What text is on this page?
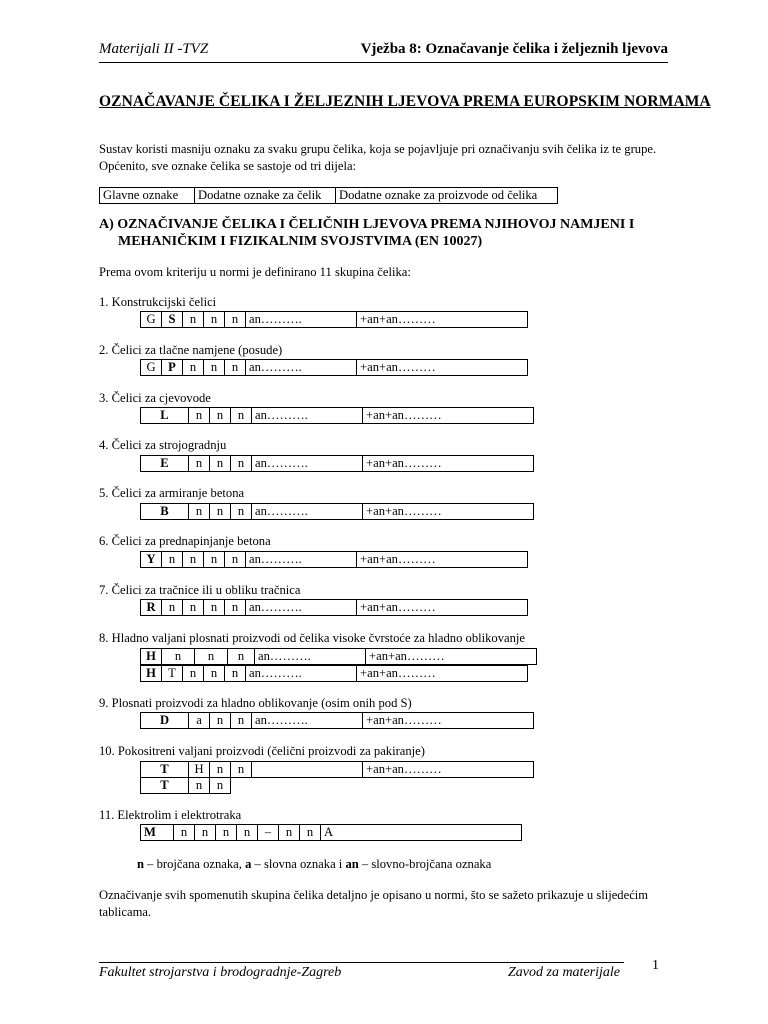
Materijali II -TVZ	Vježba 8: Označavanje čelika i željeznih ljevova
OZNAČAVANJE ČELIKA I ŽELJEZNIH LJEVOVA PREMA EUROPSKIM NORMAMA
Sustav koristi masniju oznaku za svaku grupu čelika, koja se pojavljuje pri označivanju svih čelika iz te grupe. Općenito, sve oznake čelika se sastoje od tri dijela:
Glavne oznake	Dodatne oznake za čelik	Dodatne oznake za proizvode od čelika
A) OZNAČIVANJE ČELIKA I ČELIČNIH LJEVOVA PREMA NJIHOVOJ NAMJENI I
MEHANIČKIM I FIZIKALNIM SVOJSTVIMA (EN 10027)
Prema ovom kriteriju u normi je definirano 11 skupina čelika:
1. Konstrukcijski čelici
G	S	n	n	n	an……….	+an+an………
2. Čelici za tlačne namjene (posude)
G	P	n	n	n	an……….	+an+an………
3. Čelici za cjevovode
L	n	n	n	an……….	+an+an………
4. Čelici za strojogradnju
E	n	n	n	an……….	+an+an………
5. Čelici za armiranje betona
B	n	n	n	an……….	+an+an………
6. Čelici za prednapinjanje betona
Y	n	n	n	n	an……….	+an+an………
7. Čelici za tračnice ili u obliku tračnica
R	n	n	n	n	an……….	+an+an………
8. Hladno valjani plosnati proizvodi od čelika visoke čvrstoće za hladno oblikovanje
H	n	n	n	an……….	+an+an………
H	T	n	n	n	an……….	+an+an………
9. Plosnati proizvodi za hladno oblikovanje (osim onih pod S)
D	a	n	n	an……….	+an+an………
10. Pokositreni valjani proizvodi (čelični proizvodi za pakiranje)
T	H	n	n		+an+an………
T	n	n
11. Elektrolim i elektrotraka
M	n	n	n	n	–	n	n	A
n – brojčana oznaka, a – slovna oznaka i an – slovno-brojčana oznaka
Označivanje svih spomenutih skupina čelika detaljno je opisano u normi, što se sažeto prikazuje u slijedećim tablicama.
Fakultet strojarstva i brodogradnje-Zagreb	Zavod za materijale 1
